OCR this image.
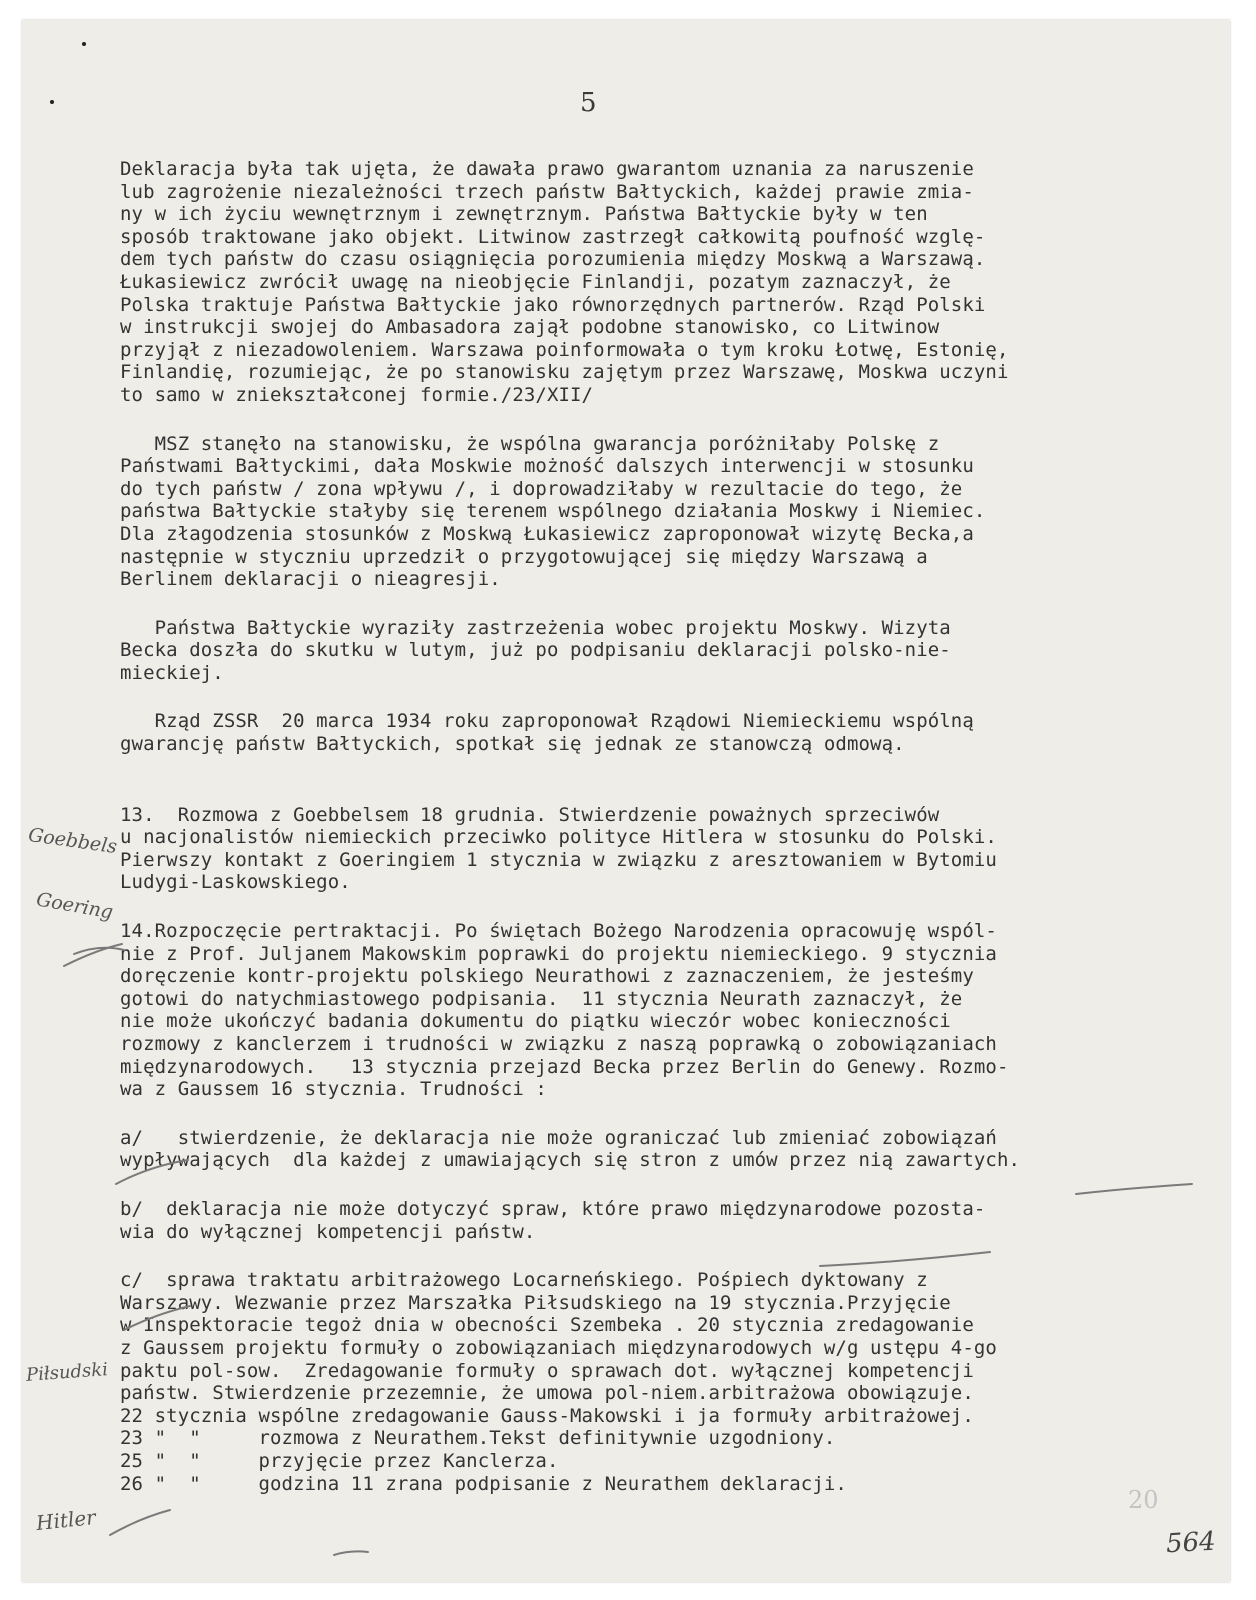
5
Deklaracja była tak ujęta, że dawała prawo gwarantom uznania za naruszenie
lub zagrożenie niezależności trzech państw Bałtyckich, każdej prawie zmia-
ny w ich życiu wewnętrznym i zewnętrznym. Państwa Bałtyckie były w ten
sposób traktowane jako objekt. Litwinow zastrzegł całkowitą poufność wzglę-
dem tych państw do czasu osiągnięcia porozumienia między Moskwą a Warszawą.
Łukasiewicz zwrócił uwagę na nieobjęcie Finlandji, pozatym zaznaczył, że
Polska traktuje Państwa Bałtyckie jako równorzędnych partnerów. Rząd Polski
w instrukcji swojej do Ambasadora zajął podobne stanowisko, co Litwinow
przyjął z niezadowoleniem. Warszawa poinformowała o tym kroku Łotwę, Estonię,
Finlandię, rozumiejąc, że po stanowisku zajętym przez Warszawę, Moskwa uczyni
to samo w zniekształconej formie./23/XII/
MSZ stanęło na stanowisku, że wspólna gwarancja poróżniłaby Polskę z
Państwami Bałtyckimi, dała Moskwie możność dalszych interwencji w stosunku
do tych państw / zona wpływu /, i doprowadziłaby w rezultacie do tego, że
państwa Bałtyckie stałyby się terenem wspólnego działania Moskwy i Niemiec.
Dla złagodzenia stosunków z Moskwą Łukasiewicz zaproponował wizytę Becka,a
następnie w styczniu uprzedził o przygotowującej się między Warszawą a
Berlinem deklaracji o nieagresji.
Państwa Bałtyckie wyraziły zastrzeżenia wobec projektu Moskwy. Wizyta
Becka doszła do skutku w lutym, już po podpisaniu deklaracji polsko-nie-
mieckiej.
Rząd ZSSR  20 marca 1934 roku zaproponował Rządowi Niemieckiemu wspólną
gwarancję państw Bałtyckich, spotkał się jednak ze stanowczą odmową.
13.  Rozmowa z Goebbelsem 18 grudnia. Stwierdzenie poważnych sprzeciwów
u nacjonalistów niemieckich przeciwko polityce Hitlera w stosunku do Polski.
Pierwszy kontakt z Goeringiem 1 stycznia w związku z aresztowaniem w Bytomiu
Ludygi-Laskowskiego.
14.Rozpoczęcie pertraktacji. Po świętach Bożego Narodzenia opracowuję wspól-
nie z Prof. Juljanem Makowskim poprawki do projektu niemieckiego. 9 stycznia
doręczenie kontr-projektu polskiego Neurathowi z zaznaczeniem, że jesteśmy
gotowi do natychmiastowego podpisania.  11 stycznia Neurath zaznaczył, że
nie może ukończyć badania dokumentu do piątku wieczór wobec konieczności
rozmowy z kanclerzem i trudności w związku z naszą poprawką o zobowiązaniach
międzynarodowych.   13 stycznia przejazd Becka przez Berlin do Genewy. Rozmo-
wa z Gaussem 16 stycznia. Trudności :
a/   stwierdzenie, że deklaracja nie może ograniczać lub zmieniać zobowiązań
wypływających  dla każdej z umawiających się stron z umów przez nią zawartych.
b/  deklaracja nie może dotyczyć spraw, które prawo międzynarodowe pozosta-
wia do wyłącznej kompetencji państw.
c/  sprawa traktatu arbitrażowego Locarneńskiego. Pośpiech dyktowany z
Warszawy. Wezwanie przez Marszałka Piłsudskiego na 19 stycznia.Przyjęcie
w Inspektoracie tegoż dnia w obecności Szembeka . 20 stycznia zredagowanie
z Gaussem projektu formuły o zobowiązaniach międzynarodowych w/g ustępu 4-go
paktu pol-sow.  Zredagowanie formuły o sprawach dot. wyłącznej kompetencji
państw. Stwierdzenie przezemnie, że umowa pol-niem.arbitrażowa obowiązuje.
22 stycznia wspólne zredagowanie Gauss-Makowski i ja formuły arbitrażowej.
23 "  "     rozmowa z Neurathem.Tekst definitywnie uzgodniony.
25 "  "     przyjęcie przez Kanclerza.
26 "  "     godzina 11 zrana podpisanie z Neurathem deklaracji.
Goebbels
Goering
Piłsudski
Hitler
20
564
